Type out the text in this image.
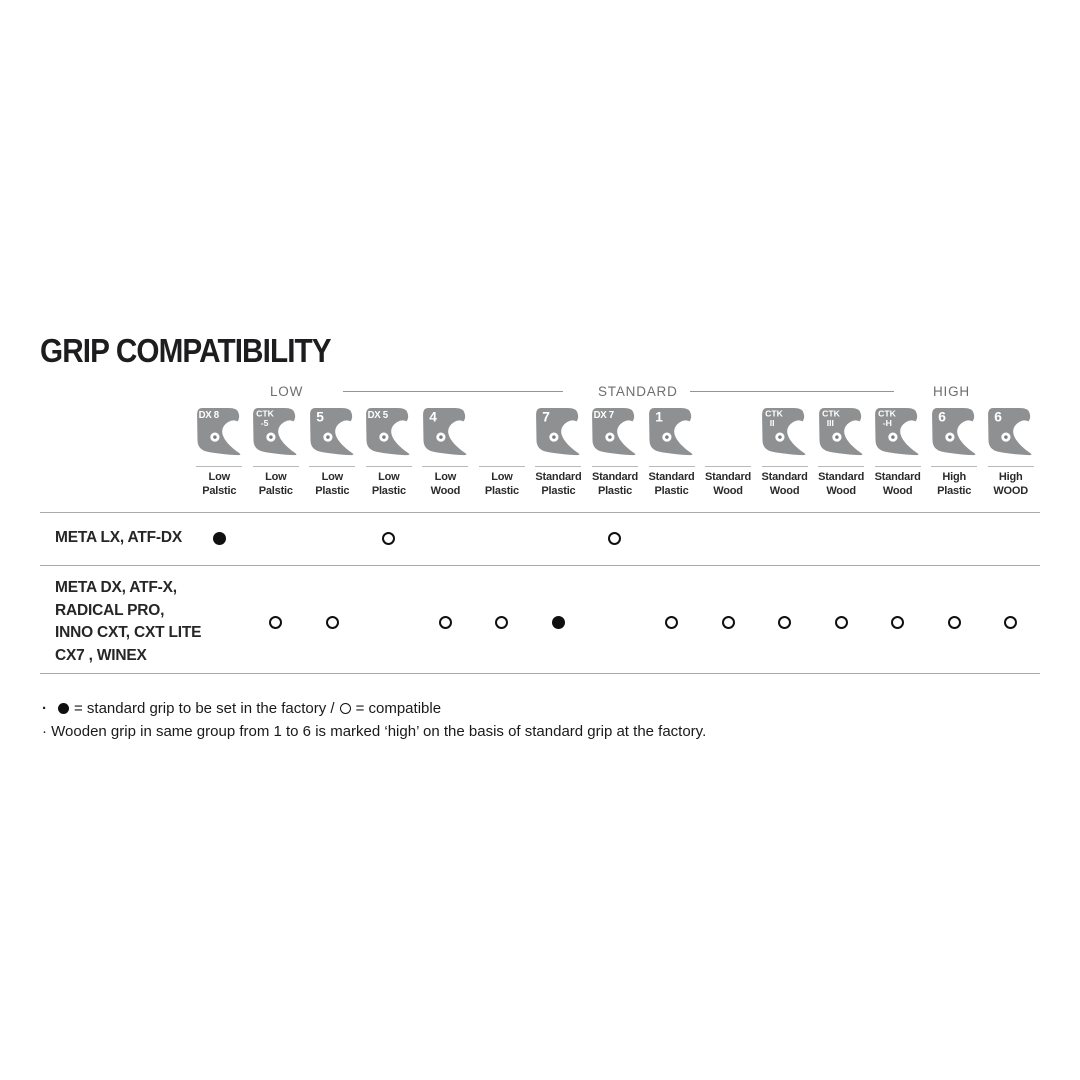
GRIP COMPATIBILITY
LOW	STANDARD	HIGH
DX 8
Low
Palstic
CTK
-5
Low
Palstic
5
Low
Plastic
DX 5
Low
Plastic
4
Low
Wood
Low
Plastic
7
Standard
Plastic
DX 7
Standard
Plastic
1
Standard
Plastic
Standard
Wood
CTK
II
Standard
Wood
CTK
III
Standard
Wood
CTK
-H
Standard
Wood
6
High
Plastic
6
High
WOOD
META LX, ATF-DX
META DX, ATF-X,
RADICAL PRO,
INNO CXT, CXT LITE
CX7 , WINEX
· = standard grip to be set in the factory / = compatible
· Wooden grip in same group from 1 to 6 is marked ‘high’ on the basis of standard grip at the factory.
